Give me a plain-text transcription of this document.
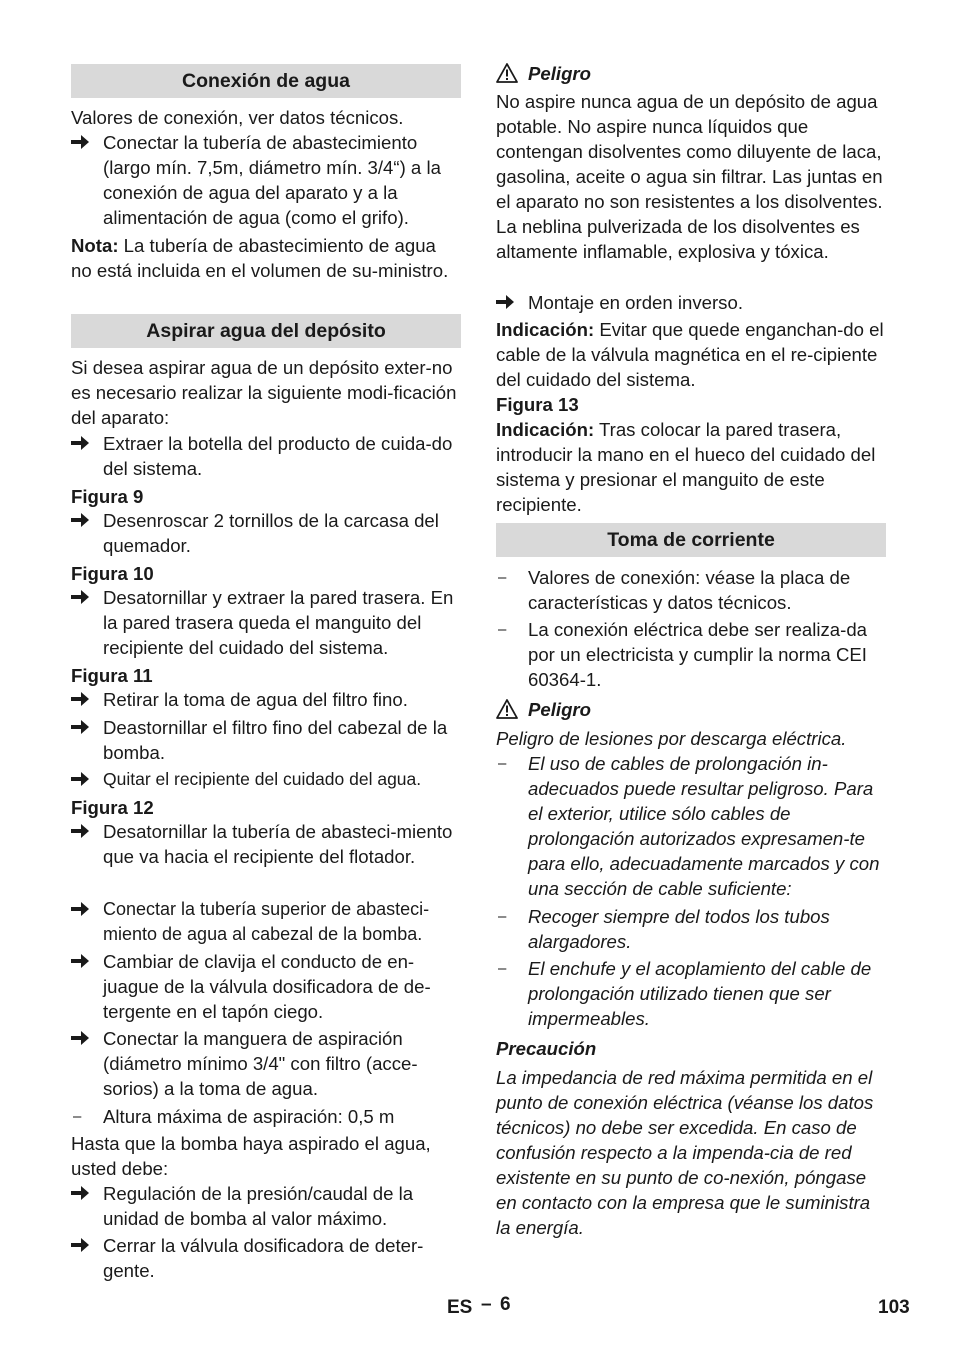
Conexión de agua
Valores de conexión, ver datos técnicos.
Conectar la tubería de abastecimiento (largo mín. 7,5m, diámetro mín. 3/4“) a la conexión de agua del aparato y a la alimentación de agua (como el grifo).
Nota: La tubería de abastecimiento de agua no está incluida en el volumen de su-ministro.
Aspirar agua del depósito
Si desea aspirar agua de un depósito exter-no es necesario realizar la siguiente modi-ficación del aparato:
Extraer la botella del producto de cuida-do del sistema.
Figura 9
Desenroscar 2 tornillos de la carcasa del quemador.
Figura 10
Desatornillar y extraer la pared trasera. En la pared trasera queda el manguito del recipiente del cuidado del sistema.
Figura 11
Retirar la toma de agua del filtro fino.
Deastornillar el filtro fino del cabezal de la bomba.
Quitar el recipiente del cuidado del agua.
Figura 12
Desatornillar la tubería de abasteci-miento que va hacia el recipiente del flotador.
Conectar la tubería superior de abasteci-miento de agua al cabezal de la bomba.
Cambiar de clavija el conducto de en-juague de la válvula dosificadora de de-tergente en el tapón ciego.
Conectar la manguera de aspiración (diámetro mínimo 3/4" con filtro (acce-sorios) a la toma de agua.
– Altura máxima de aspiración: 0,5 m
Hasta que la bomba haya aspirado el agua, usted debe:
Regulación de la presión/caudal de la unidad de bomba al valor máximo.
Cerrar la válvula dosificadora de deter-gente.
Peligro
No aspire nunca agua de un depósito de agua potable. No aspire nunca líquidos que contengan disolventes como diluyente de laca, gasolina, aceite o agua sin filtrar. Las juntas en el aparato no son resistentes a los disolventes. La neblina pulverizada de los disolventes es altamente inflamable, explosiva y tóxica.
Montaje en orden inverso.
Indicación: Evitar que quede enganchan-do el cable de la válvula magnética en el re-cipiente del cuidado del sistema.
Figura 13
Indicación: Tras colocar la pared trasera, introducir la mano en el hueco del cuidado del sistema y presionar el manguito de este recipiente.
Toma de corriente
– Valores de conexión: véase la placa de características y datos técnicos.
– La conexión eléctrica debe ser realiza-da por un electricista y cumplir la norma CEI 60364-1.
Peligro
Peligro de lesiones por descarga eléctrica.
– El uso de cables de prolongación in-adecuados puede resultar peligroso. Para el exterior, utilice sólo cables de prolongación autorizados expresamen-te para ello, adecuadamente marcados y con una sección de cable suficiente:
– Recoger siempre del todos los tubos alargadores.
– El enchufe y el acoplamiento del cable de prolongación utilizado tienen que ser impermeables.
Precaución
La impedancia de red máxima permitida en el punto de conexión eléctrica (véanse los datos técnicos) no debe ser excedida. En caso de confusión respecto a la impenda-cia de red existente en su punto de co-nexión, póngase en contacto con la empresa que le suministra la energía.
ES – 6	103
